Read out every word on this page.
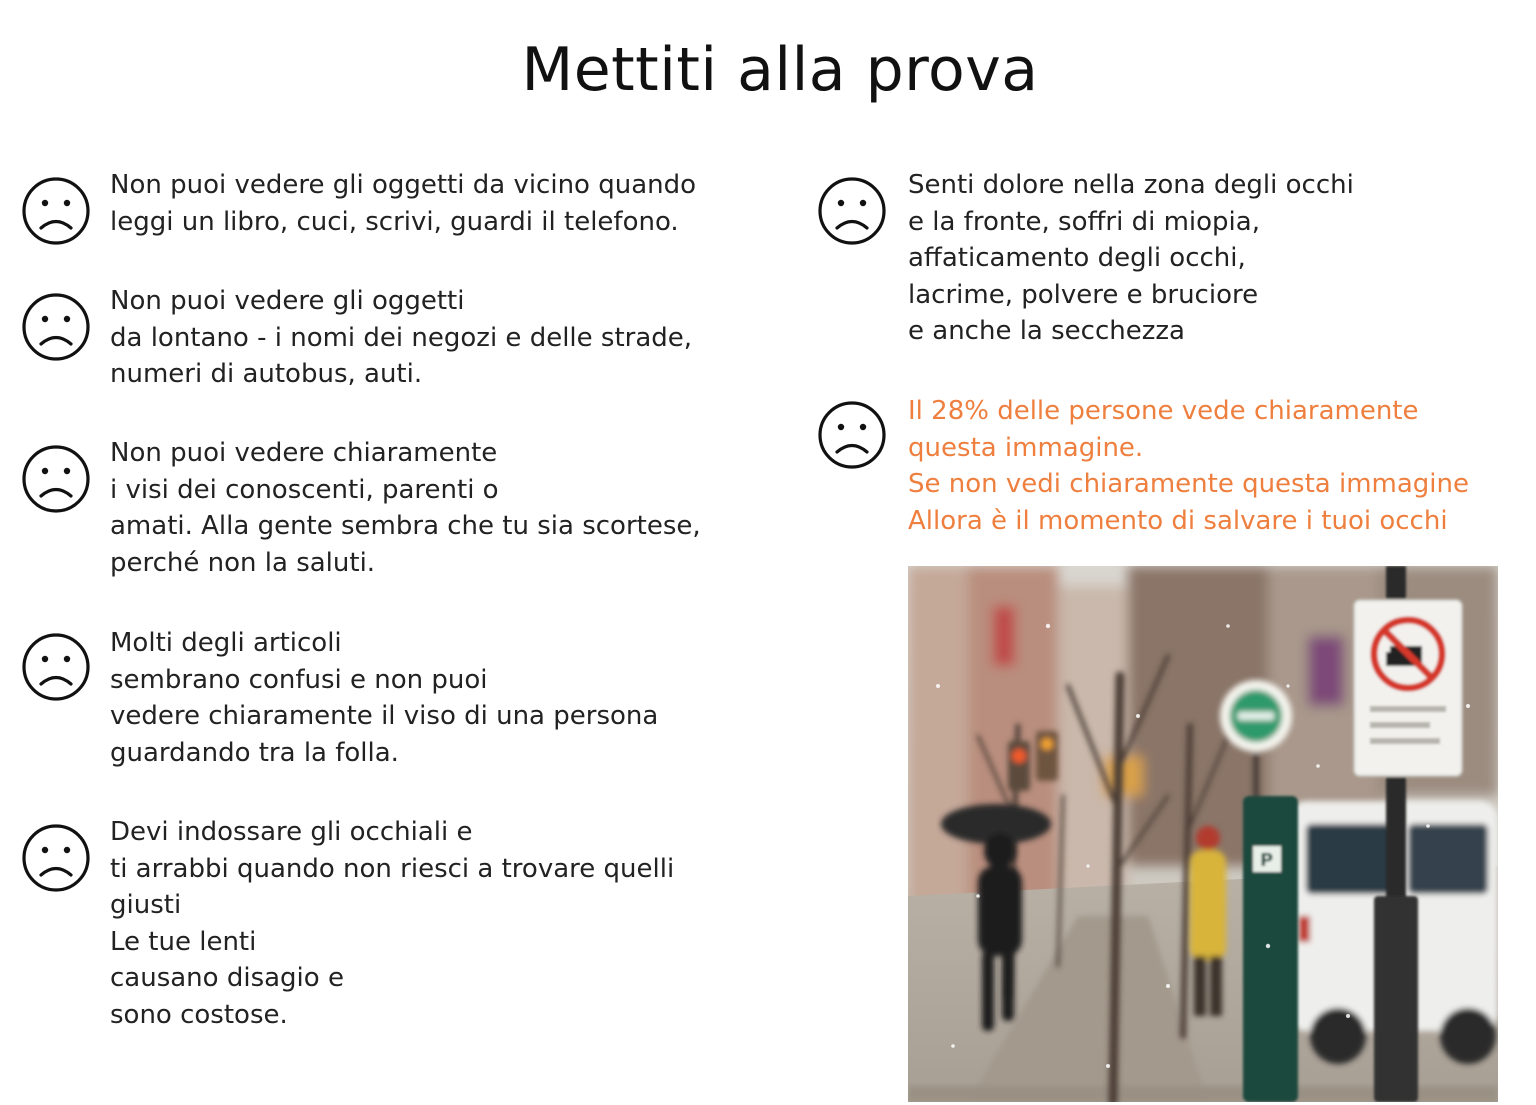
Mettiti alla prova
Non puoi vedere gli oggetti da vicino quando
leggi un libro, cuci, scrivi, guardi il telefono.
Non puoi vedere gli oggetti
da lontano - i nomi dei negozi e delle strade,
numeri di autobus, auti.
Non puoi vedere chiaramente
i visi dei conoscenti, parenti o
amati. Alla gente sembra che tu sia scortese,
perché non la saluti.
Molti degli articoli
sembrano confusi e non puoi
vedere chiaramente il viso di una persona
guardando tra la folla.
Devi indossare gli occhiali e
ti arrabbi quando non riesci a trovare quelli
giusti
Le tue lenti
causano disagio e
sono costose.
Senti dolore nella zona degli occhi
e la fronte, soffri di miopia,
affaticamento degli occhi,
lacrime, polvere e bruciore
e anche la secchezza
Il 28% delle persone vede chiaramente
questa immagine.
Se non vedi chiaramente questa immagine
Allora è il momento di salvare i tuoi occhi
P
